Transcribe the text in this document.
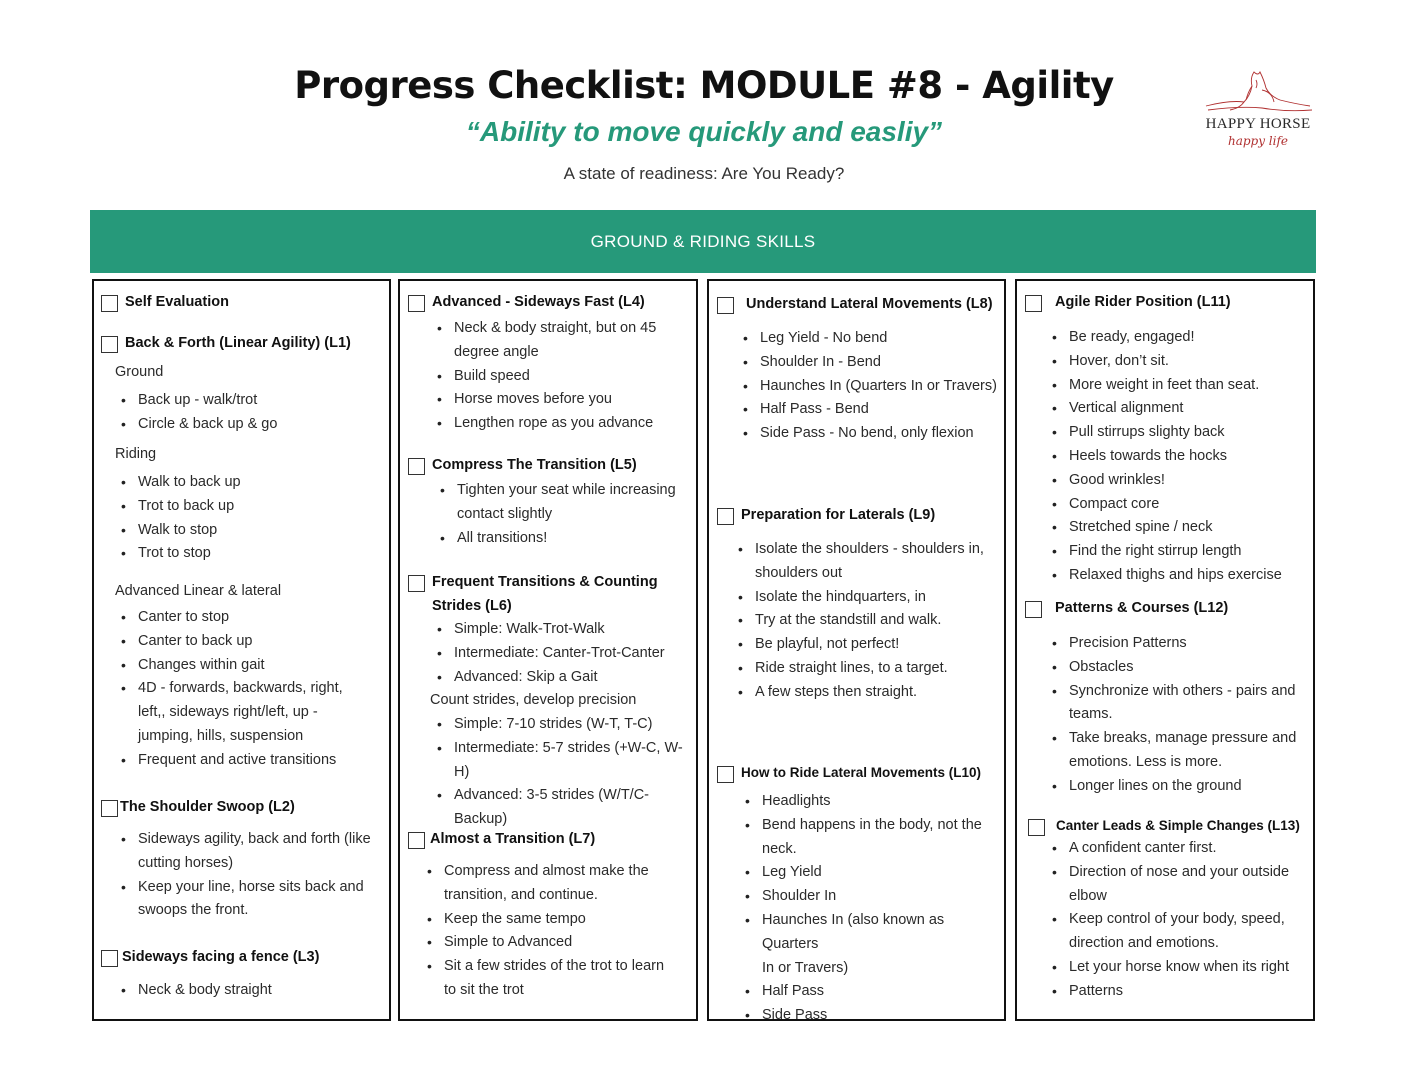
Progress Checklist: MODULE #8 - Agility
“Ability to move quickly and easliy”
A state of readiness: Are You Ready?
HAPPY HORSE
happy life
GROUND & RIDING SKILLS
Self Evaluation
Back & Forth (Linear Agility) (L1)
Ground
• Back up - walk/trot
• Circle & back up & go
Riding
• Walk to back up
• Trot to back up
• Walk to stop
• Trot to stop
Advanced Linear & lateral
• Canter to stop
• Canter to back up
• Changes within gait
• 4D - forwards, backwards, right,
left,, sideways right/left, up -
jumping, hills, suspension
• Frequent and active transitions
The Shoulder Swoop (L2)
• Sideways agility, back and forth (like
cutting horses)
• Keep your line, horse sits back and
swoops the front.
Sideways facing a fence (L3)
• Neck & body straight
Advanced - Sideways Fast (L4)
• Neck & body straight, but on 45
degree angle
• Build speed
• Horse moves before you
• Lengthen rope as you advance
Compress The Transition (L5)
• Tighten your seat while increasing
contact slightly
• All transitions!
Frequent Transitions & Counting
Strides (L6)
• Simple: Walk-Trot-Walk
• Intermediate: Canter-Trot-Canter
• Advanced: Skip a Gait
Count strides, develop precision
• Simple: 7-10 strides (W-T, T-C)
• Intermediate: 5-7 strides (+W-C, W-H)
• Advanced: 3-5 strides (W/T/C-
Backup)
Almost a Transition (L7)
• Compress and almost make the
transition, and continue.
• Keep the same tempo
• Simple to Advanced
• Sit a few strides of the trot to learn
to sit the trot
Understand Lateral Movements (L8)
• Leg Yield - No bend
• Shoulder In - Bend
• Haunches In (Quarters In or Travers)
• Half Pass - Bend
• Side Pass - No bend, only flexion
Preparation for Laterals (L9)
• Isolate the shoulders - shoulders in,
shoulders out
• Isolate the hindquarters, in
• Try at the standstill and walk.
• Be playful, not perfect!
• Ride straight lines, to a target.
• A few steps then straight.
How to Ride Lateral Movements (L10)
• Headlights
• Bend happens in the body, not the
neck.
• Leg Yield
• Shoulder In
• Haunches In (also known as Quarters
In or Travers)
• Half Pass
• Side Pass
Agile Rider Position (L11)
• Be ready, engaged!
• Hover, don’t sit.
• More weight in feet than seat.
• Vertical alignment
• Pull stirrups slighty back
• Heels towards the hocks
• Good wrinkles!
• Compact core
• Stretched spine / neck
• Find the right stirrup length
• Relaxed thighs and hips exercise
Patterns & Courses (L12)
• Precision Patterns
• Obstacles
• Synchronize with others - pairs and
teams.
• Take breaks, manage pressure and
emotions. Less is more.
• Longer lines on the ground
Canter Leads & Simple Changes (L13)
• A confident canter first.
• Direction of nose and your outside
elbow
• Keep control of your body, speed,
direction and emotions.
• Let your horse know when its right
• Patterns
